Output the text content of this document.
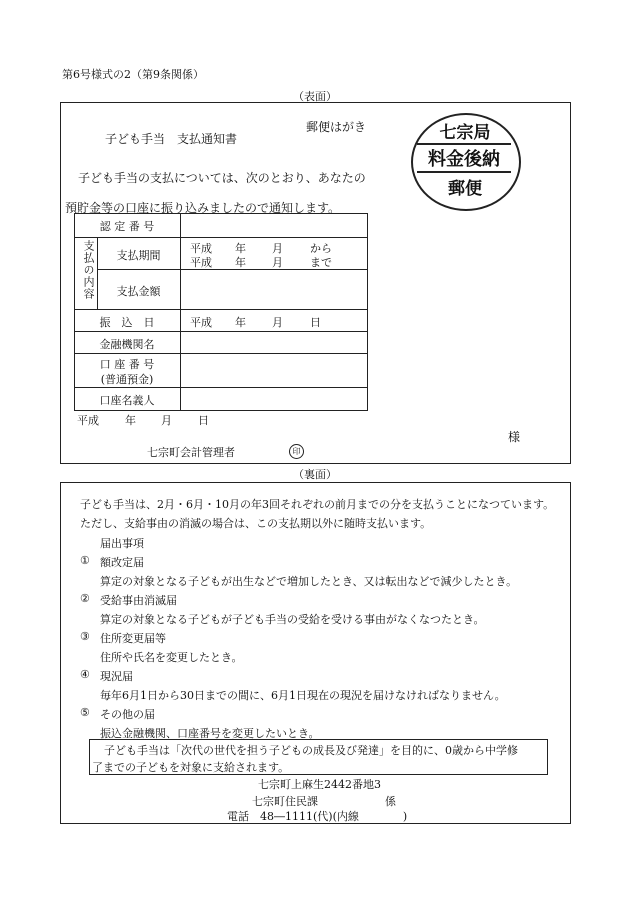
第6号様式の2（第9条関係）
（表面）
郵便はがき
子ども手当　支払通知書	七宗局
料金後納
郵便
子ども手当の支払については、次のとおり、あなたの
預貯金等の口座に振り込みましたので通知します。
認 定 番 号
支払の内容	支払期間
平成 年 月 から
平成 年 月 まで
支払金額
振　込　日	平成 年 月 日
金融機関名
口 座 番 号
(普通預金)
口座名義人
平成 年 月 日
様
七宗町会計管理者	印
（裏面）
子ども手当は、2月・6月・10月の年3回それぞれの前月までの分を支払うことになつています。
ただし、支給事由の消滅の場合は、この支払期以外に随時支払います。
届出事項
① 額改定届
算定の対象となる子どもが出生などで増加したとき、又は転出などで減少したとき。
② 受給事由消滅届
算定の対象となる子どもが子ども手当の受給を受ける事由がなくなつたとき。
③ 住所変更届等
住所や氏名を変更したとき。
④ 現況届
毎年6月1日から30日までの間に、6月1日現在の現況を届けなければなりません。
⑤ その他の届
振込金融機関、口座番号を変更したいとき。
子ども手当は「次代の世代を担う子どもの成長及び発達」を目的に、0歳から中学修
了までの子どもを対象に支給されます。
七宗町上麻生2442番地3
七宗町住民課	係
電話　48―1111(代)(内線　　　　)
